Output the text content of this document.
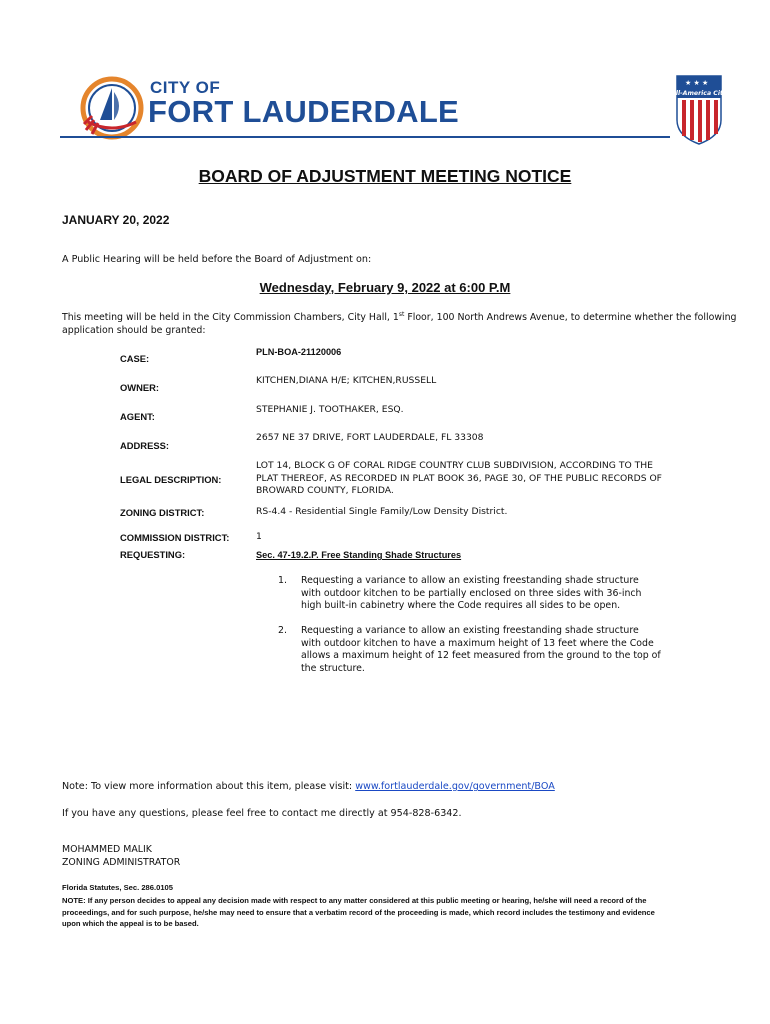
CITY OF
FORT LAUDERDALE
★ ★ ★
All-America City
BOARD OF ADJUSTMENT MEETING NOTICE
JANUARY 20, 2022
A Public Hearing will be held before the Board of Adjustment on:
Wednesday, February 9, 2022 at 6:00 P.M
This meeting will be held in the City Commission Chambers, City Hall, 1st Floor, 100 North Andrews Avenue, to determine whether the following application should be granted:
CASE:
PLN-BOA-21120006
OWNER:
KITCHEN,DIANA H/E; KITCHEN,RUSSELL
AGENT:
STEPHANIE J. TOOTHAKER, ESQ.
ADDRESS:
2657 NE 37 DRIVE, FORT LAUDERDALE, FL 33308
LEGAL DESCRIPTION:
LOT 14, BLOCK G OF CORAL RIDGE COUNTRY CLUB SUBDIVISION, ACCORDING TO THE PLAT THEREOF, AS RECORDED IN PLAT BOOK 36, PAGE 30, OF THE PUBLIC RECORDS OF BROWARD COUNTY, FLORIDA.
ZONING DISTRICT:	RS-4.4 - Residential Single Family/Low Density District.
COMMISSION DISTRICT:	1
REQUESTING:	Sec. 47-19.2.P. Free Standing Shade Structures
1. Requesting a variance to allow an existing freestanding shade structure with outdoor kitchen to be partially enclosed on three sides with 36-inch high built-in cabinetry where the Code requires all sides to be open.
2. Requesting a variance to allow an existing freestanding shade structure with outdoor kitchen to have a maximum height of 13 feet where the Code allows a maximum height of 12 feet measured from the ground to the top of the structure.
Note: To view more information about this item, please visit: www.fortlauderdale.gov/government/BOA
If you have any questions, please feel free to contact me directly at 954-828-6342.
MOHAMMED MALIK
ZONING ADMINISTRATOR
Florida Statutes, Sec. 286.0105
NOTE: If any person decides to appeal any decision made with respect to any matter considered at this public meeting or hearing, he/she will need a record of the proceedings, and for such purpose, he/she may need to ensure that a verbatim record of the proceeding is made, which record includes the testimony and evidence upon which the appeal is to be based.
